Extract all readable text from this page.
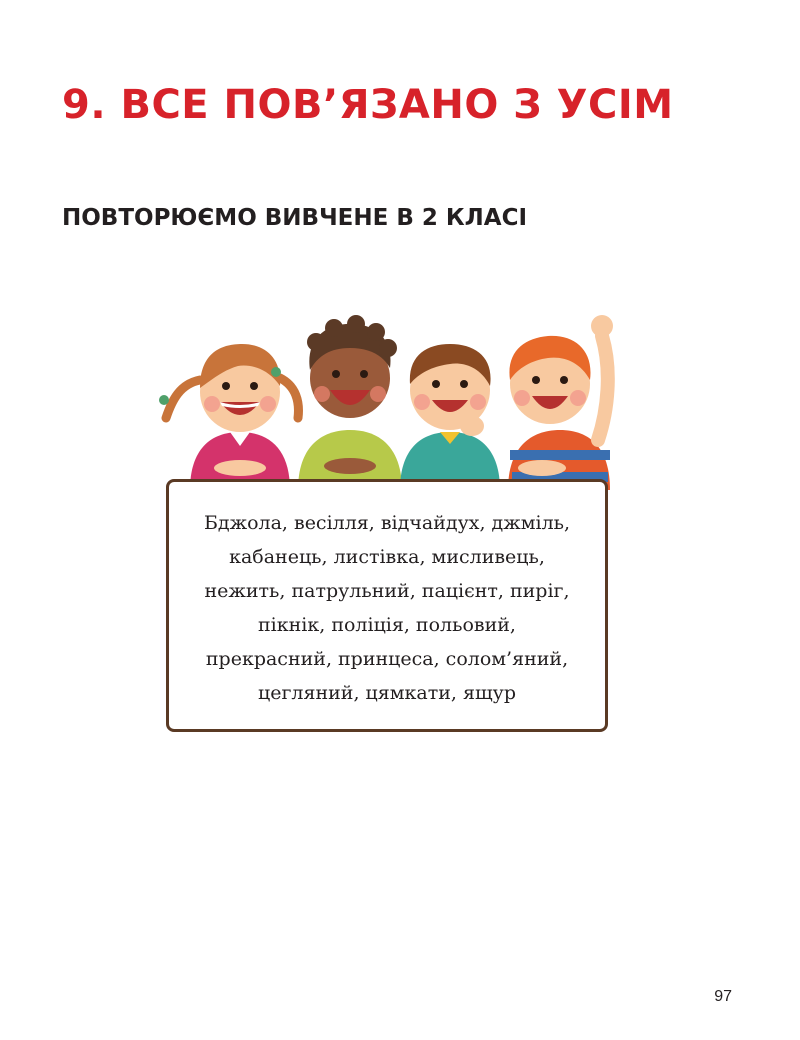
9. ВСЕ ПОВ’ЯЗАНО З УСІМ
ПОВТОРЮЄМО ВИВЧЕНЕ В 2 КЛАСІ
Бджола, весілля, відчайдух, джміль,
кабанець, листівка, мисливець,
нежить, патрульний, пацієнт, пиріг,
пікнік, поліція, польовий,
прекрасний, принцеса, солом’яний,
цегляний, цямкати, ящур
97
